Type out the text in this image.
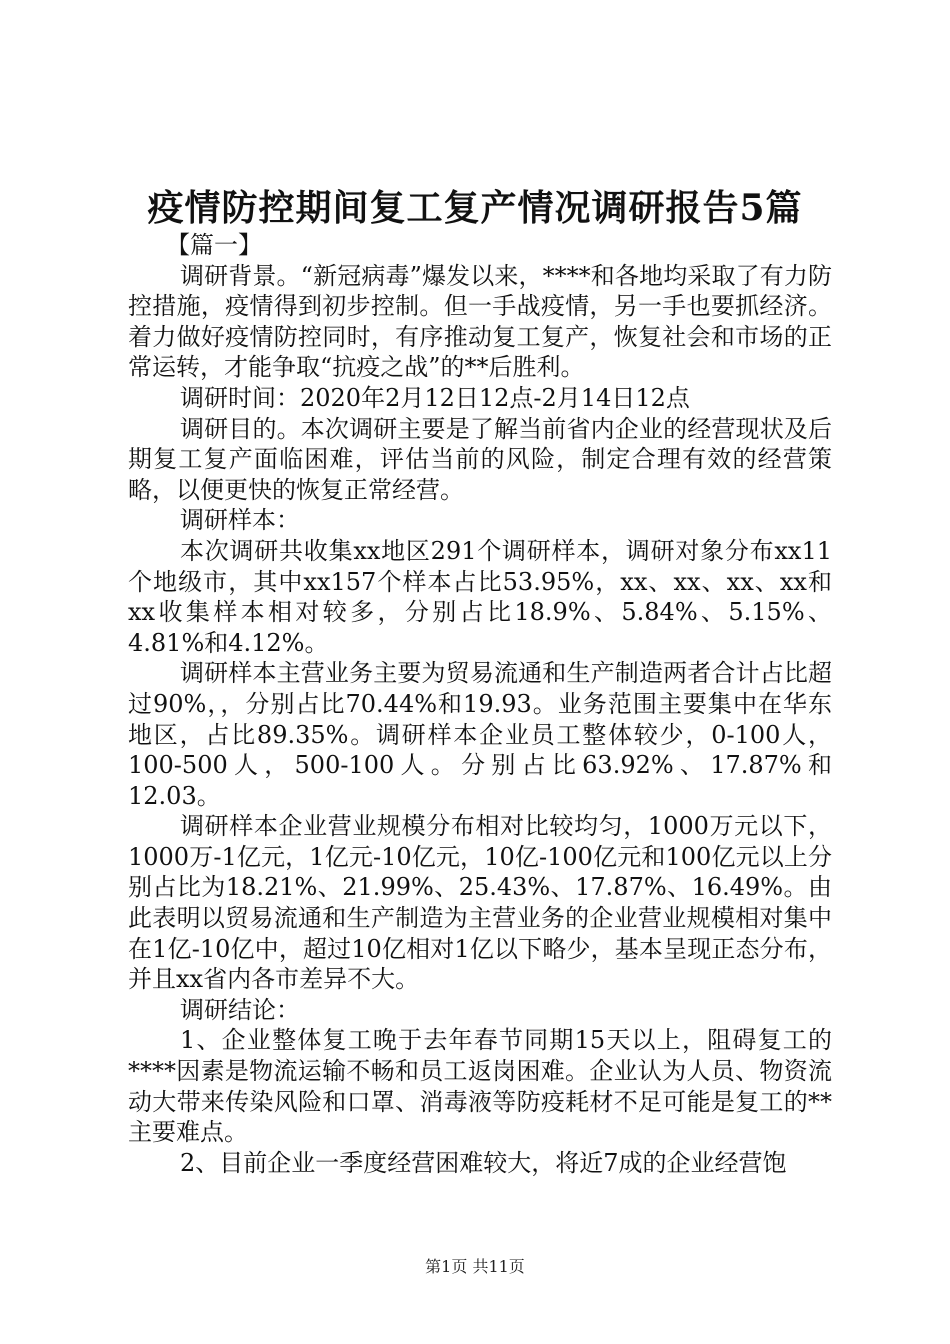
疫情防控期间复工复产情况调研报告5篇

【篇一】

调研背景。“新冠病毒”爆发以来，****和各地均采取了有力防控措施，疫情得到初步控制。但一手战疫情，另一手也要抓经济。着力做好疫情防控同时，有序推动复工复产，恢复社会和市场的正常运转，才能争取“抗疫之战”的**后胜利。

调研时间：2020年2月12日12点-2月14日12点

调研目的。本次调研主要是了解当前省内企业的经营现状及后期复工复产面临困难，评估当前的风险，制定合理有效的经营策略，以便更快的恢复正常经营。

调研样本：

本次调研共收集xx地区291个调研样本，调研对象分布xx11个地级市，其中xx157个样本占比53.95%，xx、xx、xx、xx和xx收集样本相对较多，分别占比18.9%、5.84%、5.15%、4.81%和4.12%。

调研样本主营业务主要为贸易流通和生产制造两者合计占比超过90%，，分别占比70.44%和19.93。业务范围主要集中在华东地区，占比89.35%。调研样本企业员工整体较少，0-100人，100-500人，500-100人。分别占比63.92%、17.87%和12.03。

调研样本企业营业规模分布相对比较均匀，1000万元以下，1000万-1亿元，1亿元-10亿元，10亿-100亿元和100亿元以上分别占比为18.21%、21.99%、25.43%、17.87%、16.49%。由此表明以贸易流通和生产制造为主营业务的企业营业规模相对集中在1亿-10亿中，超过10亿相对1亿以下略少，基本呈现正态分布，并且xx省内各市差异不大。

调研结论：

1、企业整体复工晚于去年春节同期15天以上，阻碍复工的****因素是物流运输不畅和员工返岗困难。企业认为人员、物资流动大带来传染风险和口罩、消毒液等防疫耗材不足可能是复工的**主要难点。

2、目前企业一季度经营困难较大，将近7成的企业经营饱

第1页 共11页
